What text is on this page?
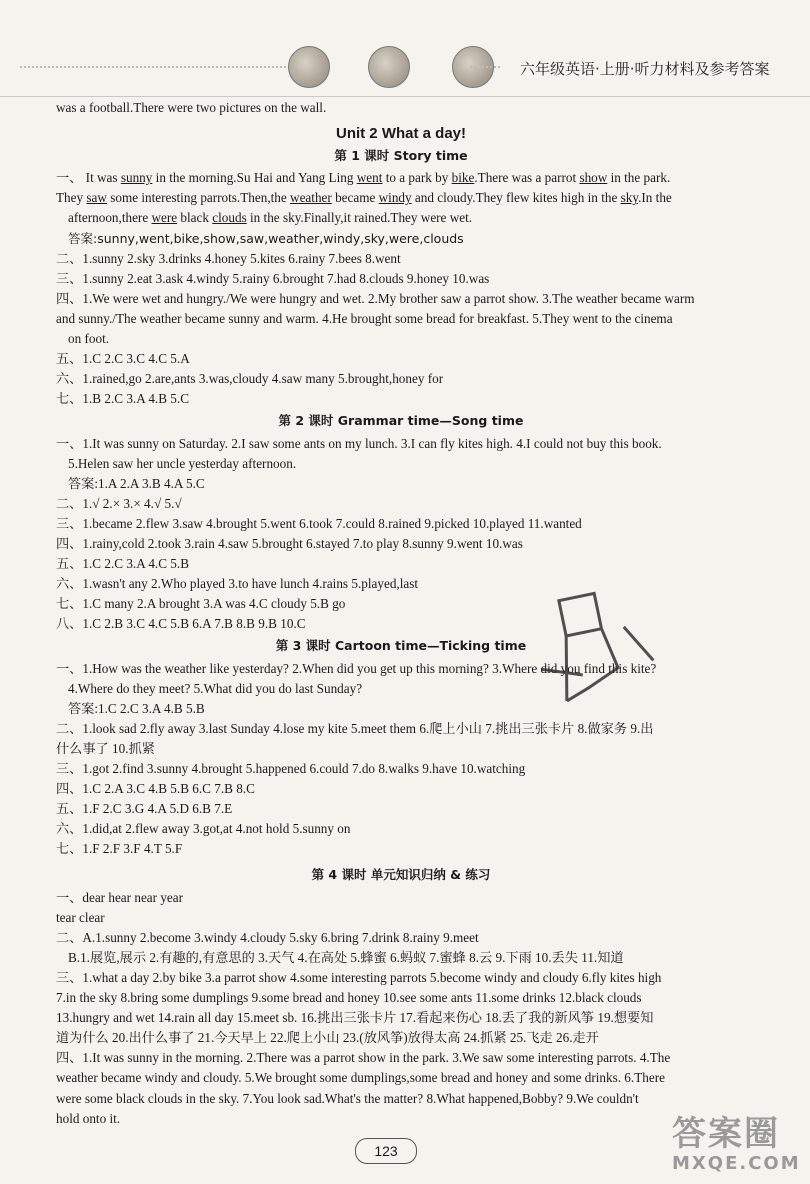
六年级英语·上册·听力材料及参考答案
was a football.There were two pictures on the wall.
Unit 2 What a day!
第 1 课时 Story time
一、 It was sunny in the morning.Su Hai and Yang Ling went to a park by bike.There was a parrot show in the park.
They saw some interesting parrots.Then,the weather became windy and cloudy.They flew kites high in the sky.In the
afternoon,there were black clouds in the sky.Finally,it rained.They were wet.
答案:sunny,went,bike,show,saw,weather,windy,sky,were,clouds
二、1.sunny 2.sky 3.drinks 4.honey 5.kites 6.rainy 7.bees 8.went
三、1.sunny 2.eat 3.ask 4.windy 5.rainy 6.brought 7.had 8.clouds 9.honey 10.was
四、1.We were wet and hungry./We were hungry and wet. 2.My brother saw a parrot show. 3.The weather became warm
and sunny./The weather became sunny and warm. 4.He brought some bread for breakfast. 5.They went to the cinema
on foot.
五、1.C 2.C 3.C 4.C 5.A
六、1.rained,go 2.are,ants 3.was,cloudy 4.saw many 5.brought,honey for
七、1.B 2.C 3.A 4.B 5.C
第 2 课时 Grammar time—Song time
一、1.It was sunny on Saturday. 2.I saw some ants on my lunch. 3.I can fly kites high. 4.I could not buy this book.
5.Helen saw her uncle yesterday afternoon.
答案:1.A 2.A 3.B 4.A 5.C
二、1.√ 2.× 3.× 4.√ 5.√
三、1.became 2.flew 3.saw 4.brought 5.went 6.took 7.could 8.rained 9.picked 10.played 11.wanted
四、1.rainy,cold 2.took 3.rain 4.saw 5.brought 6.stayed 7.to play 8.sunny 9.went 10.was
五、1.C 2.C 3.A 4.C 5.B
六、1.wasn't any 2.Who played 3.to have lunch 4.rains 5.played,last
七、1.C many 2.A brought 3.A was 4.C cloudy 5.B go
八、1.C 2.B 3.C 4.C 5.B 6.A 7.B 8.B 9.B 10.C
第 3 课时 Cartoon time—Ticking time
一、1.How was the weather like yesterday? 2.When did you get up this morning? 3.Where did you find this kite?
4.Where do they meet? 5.What did you do last Sunday?
答案:1.C 2.C 3.A 4.B 5.B
二、1.look sad 2.fly away 3.last Sunday 4.lose my kite 5.meet them 6.爬上小山 7.挑出三张卡片 8.做家务 9.出
什么事了 10.抓紧
三、1.got 2.find 3.sunny 4.brought 5.happened 6.could 7.do 8.walks 9.have 10.watching
四、1.C 2.A 3.C 4.B 5.B 6.C 7.B 8.C
五、1.F 2.C 3.G 4.A 5.D 6.B 7.E
六、1.did,at 2.flew away 3.got,at 4.not hold 5.sunny on
七、1.F 2.F 3.F 4.T 5.F
第 4 课时 单元知识归纳 & 练习
一、dear hear near year
tear clear
二、A.1.sunny 2.become 3.windy 4.cloudy 5.sky 6.bring 7.drink 8.rainy 9.meet
B.1.展览,展示 2.有趣的,有意思的 3.天气 4.在高处 5.蜂蜜 6.蚂蚁 7.蜜蜂 8.云 9.下雨 10.丢失 11.知道
三、1.what a day 2.by bike 3.a parrot show 4.some interesting parrots 5.become windy and cloudy 6.fly kites high
7.in the sky 8.bring some dumplings 9.some bread and honey 10.see some ants 11.some drinks 12.black clouds
13.hungry and wet 14.rain all day 15.meet sb. 16.挑出三张卡片 17.看起来伤心 18.丢了我的新风筝 19.想要知
道为什么 20.出什么事了 21.今天早上 22.爬上小山 23.(放风筝)放得太高 24.抓紧 25.飞走 26.走开
四、1.It was sunny in the morning. 2.There was a parrot show in the park. 3.We saw some interesting parrots. 4.The
weather became windy and cloudy. 5.We brought some dumplings,some bread and honey and some drinks. 6.There
were some black clouds in the sky. 7.You look sad.What's the matter? 8.What happened,Bobby? 9.We couldn't
hold onto it.
123	答案圈
MXQE.COM
